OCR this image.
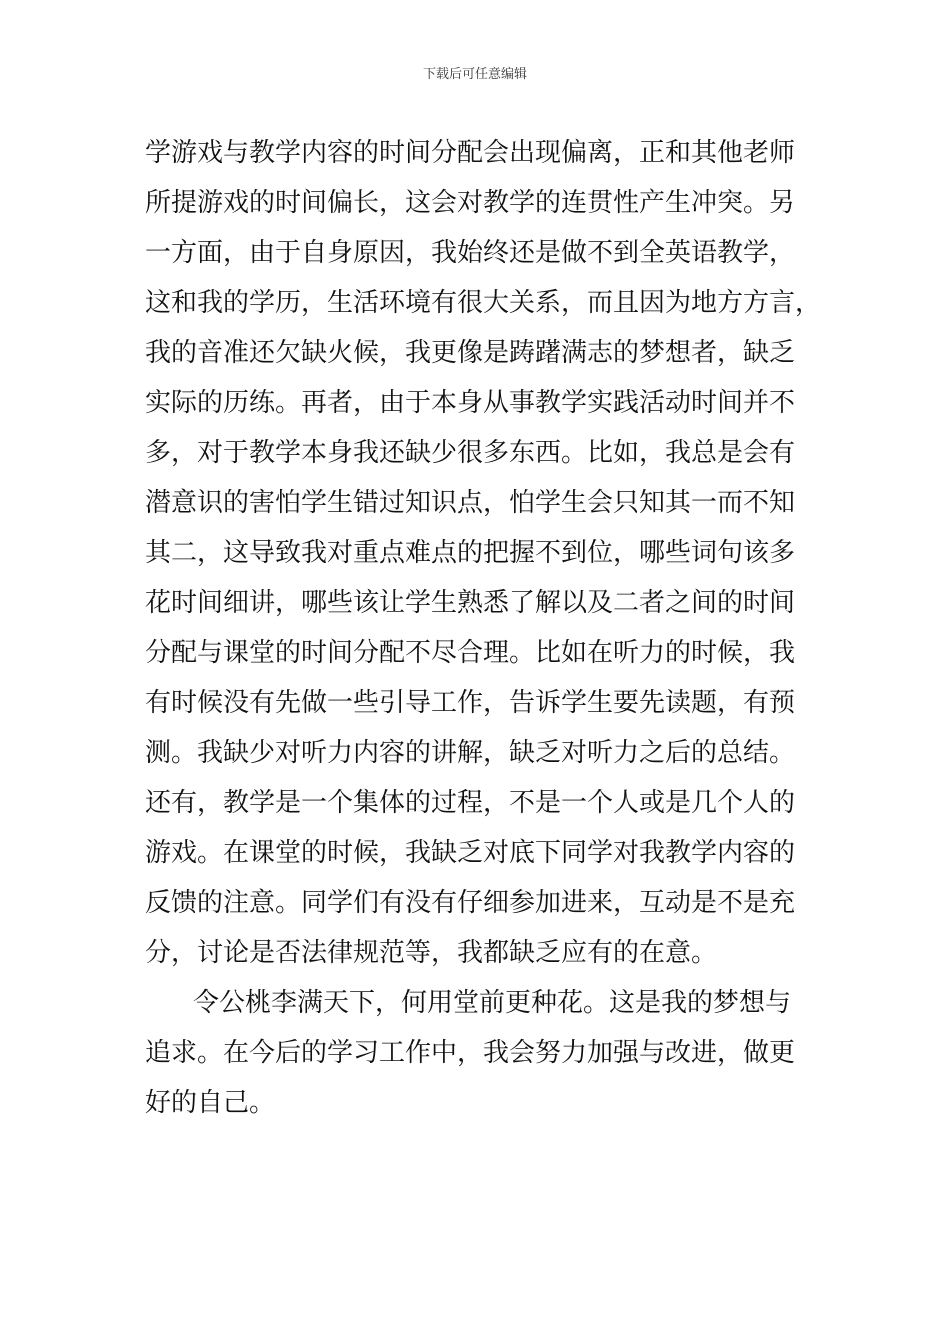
下载后可任意编辑
学游戏与教学内容的时间分配会出现偏离，正和其他老师
所提游戏的时间偏长，这会对教学的连贯性产生冲突。另
一方面，由于自身原因，我始终还是做不到全英语教学，
这和我的学历，生活环境有很大关系，而且因为地方方言，
我的音准还欠缺火候，我更像是踌躇满志的梦想者，缺乏
实际的历练。再者，由于本身从事教学实践活动时间并不
多，对于教学本身我还缺少很多东西。比如，我总是会有
潜意识的害怕学生错过知识点，怕学生会只知其一而不知
其二，这导致我对重点难点的把握不到位，哪些词句该多
花时间细讲，哪些该让学生熟悉了解以及二者之间的时间
分配与课堂的时间分配不尽合理。比如在听力的时候，我
有时候没有先做一些引导工作，告诉学生要先读题，有预
测。我缺少对听力内容的讲解，缺乏对听力之后的总结。
还有，教学是一个集体的过程，不是一个人或是几个人的
游戏。在课堂的时候，我缺乏对底下同学对我教学内容的
反馈的注意。同学们有没有仔细参加进来，互动是不是充
分，讨论是否法律规范等，我都缺乏应有的在意。
令公桃李满天下，何用堂前更种花。这是我的梦想与
追求。在今后的学习工作中，我会努力加强与改进，做更
好的自己。
